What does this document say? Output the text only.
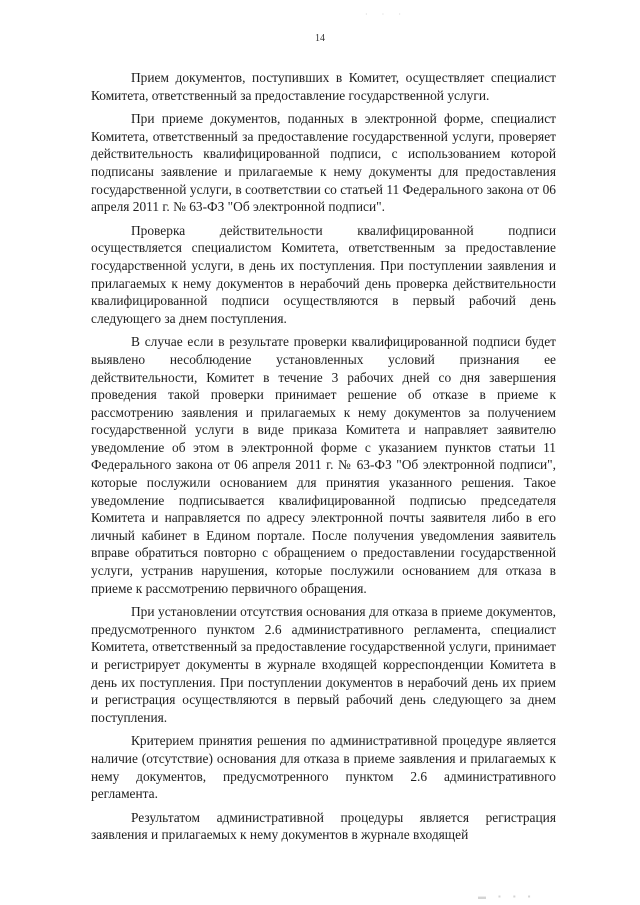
· · ·
14

Прием документов, поступивших в Комитет, осуществляет специалист Комитета, ответственный за предоставление государственной услуги.

При приеме документов, поданных в электронной форме, специалист Комитета, ответственный за предоставление государственной услуги, проверяет действительность квалифицированной подписи, с использованием которой подписаны заявление и прилагаемые к нему документы для предоставления государственной услуги, в соответствии со статьей 11 Федерального закона от 06 апреля 2011 г. № 63-ФЗ "Об электронной подписи".

Проверка действительности квалифицированной подписи осуществляется специалистом Комитета, ответственным за предоставление государственной услуги, в день их поступления. При поступлении заявления и прилагаемых к нему документов в нерабочий день проверка действительности квалифицированной подписи осуществляются в первый рабочий день следующего за днем поступления.

В случае если в результате проверки квалифицированной подписи будет выявлено несоблюдение установленных условий признания ее действительности, Комитет в течение 3 рабочих дней со дня завершения проведения такой проверки принимает решение об отказе в приеме к рассмотрению заявления и прилагаемых к нему документов за получением государственной услуги в виде приказа Комитета и направляет заявителю уведомление об этом в электронной форме с указанием пунктов статьи 11 Федерального закона от 06 апреля 2011 г. № 63-ФЗ "Об электронной подписи", которые послужили основанием для принятия указанного решения. Такое уведомление подписывается квалифицированной подписью председателя Комитета и направляется по адресу электронной почты заявителя либо в его личный кабинет в Едином портале. После получения уведомления заявитель вправе обратиться повторно с обращением о предоставлении государственной услуги, устранив нарушения, которые послужили основанием для отказа в приеме к рассмотрению первичного обращения.

При установлении отсутствия основания для отказа в приеме документов, предусмотренного пунктом 2.6 административного регламента, специалист Комитета, ответственный за предоставление государственной услуги, принимает и регистрирует документы в журнале входящей корреспонденции Комитета в день их поступления. При поступлении документов в нерабочий день их прием и регистрация осуществляются в первый рабочий день следующего за днем поступления.

Критерием принятия решения по административной процедуре является наличие (отсутствие) основания для отказа в приеме заявления и прилагаемых к нему документов, предусмотренного пунктом 2.6 административного регламента.

Результатом административной процедуры является регистрация заявления и прилагаемых к нему документов в журнале входящей

▬ ▪ ▪ ▪
